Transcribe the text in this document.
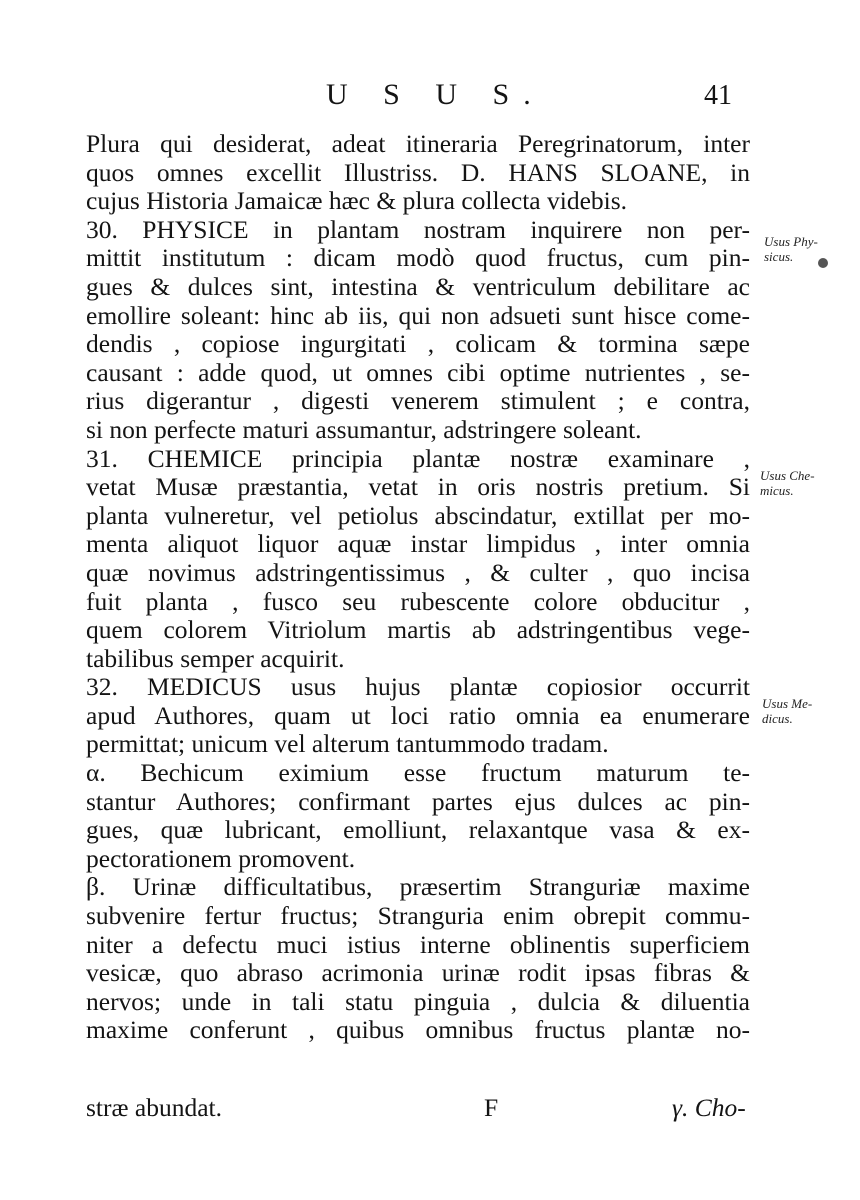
U S U S.	41
Plura qui desiderat, adeat itineraria Peregrinatorum, inter
quos omnes excellit Illustriss. D. HANS SLOANE, in
cujus Historia Jamaicæ hæc & plura collecta videbis.
30. PHYSICE in plantam nostram inquirere non per-
mittit institutum : dicam modò quod fructus, cum pin-
gues & dulces sint, intestina & ventriculum debilitare ac
emollire soleant: hinc ab iis, qui non adsueti sunt hisce come-
dendis , copiose ingurgitati , colicam & tormina sæpe
causant : adde quod, ut omnes cibi optime nutrientes , se-
rius digerantur , digesti venerem stimulent ; e contra,
si non perfecte maturi assumantur, adstringere soleant.
31. CHEMICE principia plantæ nostræ examinare ,
vetat Musæ præstantia, vetat in oris nostris pretium. Si
planta vulneretur, vel petiolus abscindatur, extillat per mo-
menta aliquot liquor aquæ instar limpidus , inter omnia
quæ novimus adstringentissimus , & culter , quo incisa
fuit planta , fusco seu rubescente colore obducitur ,
quem colorem Vitriolum martis ab adstringentibus vege-
tabilibus semper acquirit.
32. MEDICUS usus hujus plantæ copiosior occurrit
apud Authores, quam ut loci ratio omnia ea enumerare
permittat; unicum vel alterum tantummodo tradam.
α. Bechicum eximium esse fructum maturum te-
stantur Authores; confirmant partes ejus dulces ac pin-
gues, quæ lubricant, emolliunt, relaxantque vasa & ex-
pectorationem promovent.
β. Urinæ difficultatibus, præsertim Stranguriæ maxime
subvenire fertur fructus; Stranguria enim obrepit commu-
niter a defectu muci istius interne oblinentis superficiem
vesicæ, quo abraso acrimonia urinæ rodit ipsas fibras &
nervos; unde in tali statu pinguia , dulcia & diluentia
maxime conferunt , quibus omnibus fructus plantæ no-
Usus Phy-
sicus.
Usus Che-
micus.
Usus Me-
dicus.
stræ abundat.	F	γ. Cho-
